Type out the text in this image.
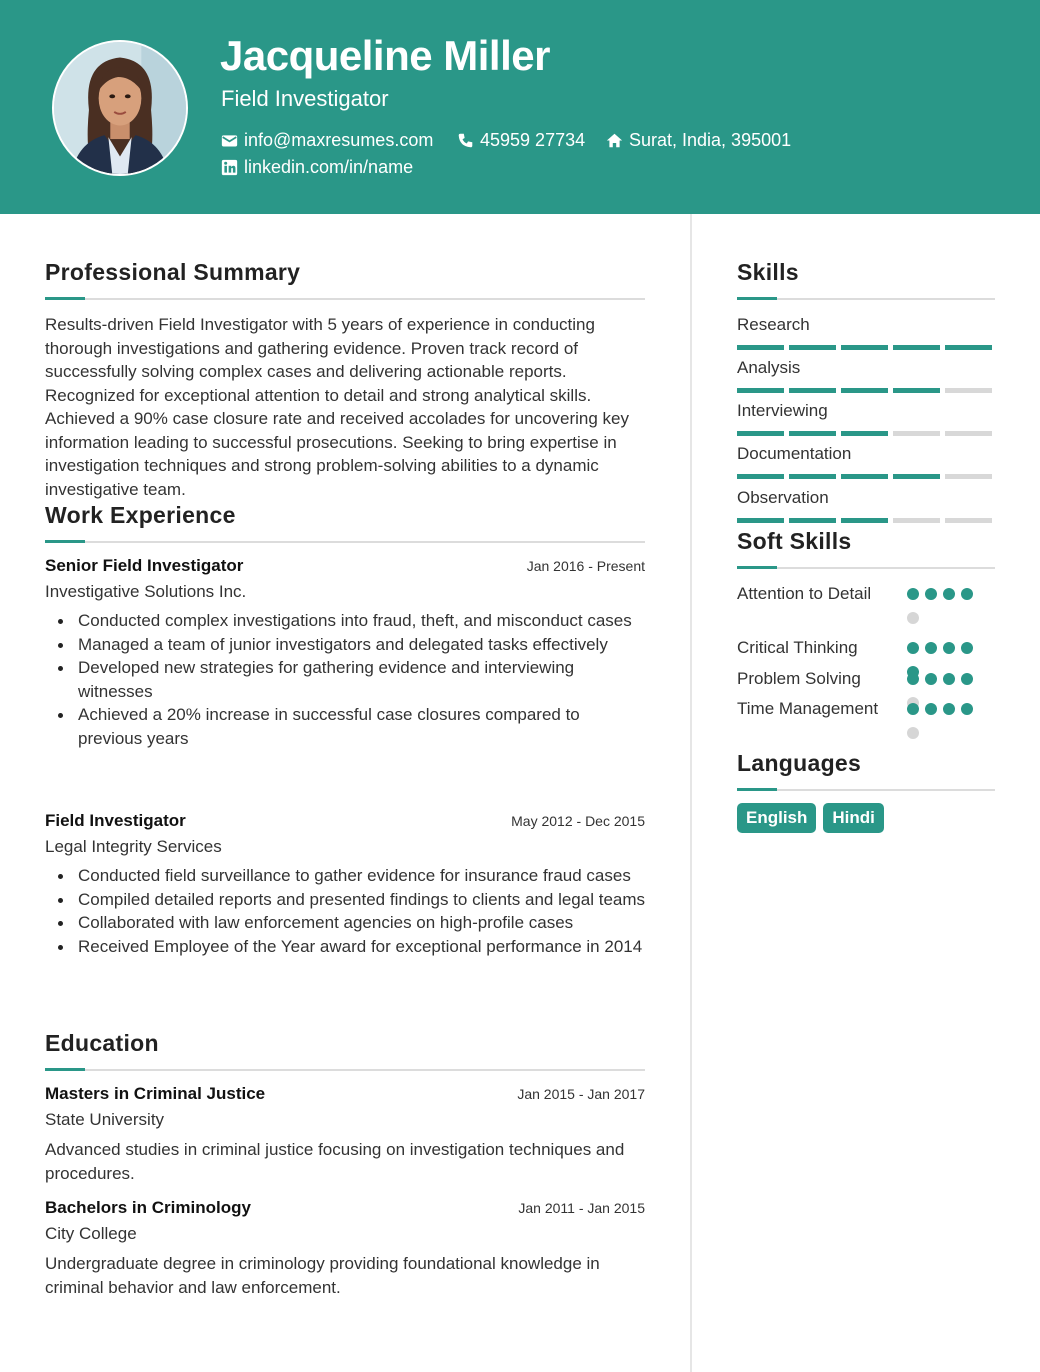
Jacqueline Miller
Field Investigator
info@maxresumes.com	45959 27734 Surat, India, 395001
linkedin.com/in/name
Professional Summary
Results-driven Field Investigator with 5 years of experience in conducting thorough investigations and gathering evidence. Proven track record of successfully solving complex cases and delivering actionable reports. Recognized for exceptional attention to detail and strong analytical skills. Achieved a 90% case closure rate and received accolades for uncovering key information leading to successful prosecutions. Seeking to bring expertise in investigation techniques and strong problem-solving abilities to a dynamic investigative team.
Work Experience
Senior Field Investigator	Jan 2016 - Present
Investigative Solutions Inc.
Conducted complex investigations into fraud, theft, and misconduct cases
Managed a team of junior investigators and delegated tasks effectively
Developed new strategies for gathering evidence and interviewing witnesses
Achieved a 20% increase in successful case closures compared to previous years
Field Investigator	May 2012 - Dec 2015
Legal Integrity Services
Conducted field surveillance to gather evidence for insurance fraud cases
Compiled detailed reports and presented findings to clients and legal teams
Collaborated with law enforcement agencies on high-profile cases
Received Employee of the Year award for exceptional performance in 2014
Education
Masters in Criminal Justice	Jan 2015 - Jan 2017
State University
Advanced studies in criminal justice focusing on investigation techniques and procedures.
Bachelors in Criminology	Jan 2011 - Jan 2015
City College
Undergraduate degree in criminology providing foundational knowledge in criminal behavior and law enforcement.
Skills
Research
Analysis
Interviewing
Documentation
Observation
Soft Skills
Attention to Detail
Critical Thinking
Problem Solving
Time Management
Languages
English	Hindi
